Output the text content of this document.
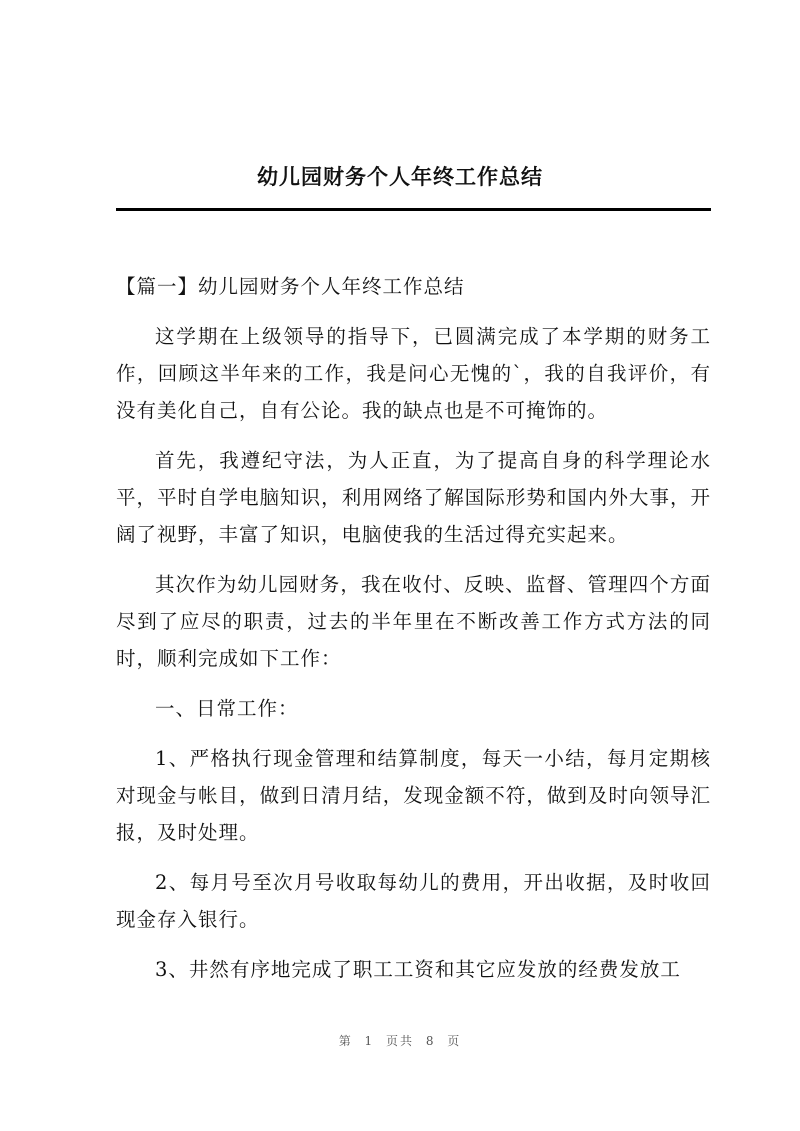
幼儿园财务个人年终工作总结

【篇一】幼儿园财务个人年终工作总结

这学期在上级领导的指导下，已圆满完成了本学期的财务工作，回顾这半年来的工作，我是问心无愧的`，我的自我评价，有没有美化自己，自有公论。我的缺点也是不可掩饰的。

首先，我遵纪守法，为人正直，为了提高自身的科学理论水平，平时自学电脑知识，利用网络了解国际形势和国内外大事，开阔了视野，丰富了知识，电脑使我的生活过得充实起来。

其次作为幼儿园财务，我在收付、反映、监督、管理四个方面尽到了应尽的职责，过去的半年里在不断改善工作方式方法的同时，顺利完成如下工作：

一、日常工作：

1、严格执行现金管理和结算制度，每天一小结，每月定期核对现金与帐目，做到日清月结，发现金额不符，做到及时向领导汇报，及时处理。

2、每月号至次月号收取每幼儿的费用，开出收据，及时收回现金存入银行。

3、井然有序地完成了职工工资和其它应发放的经费发放工

第 1 页共 8 页
